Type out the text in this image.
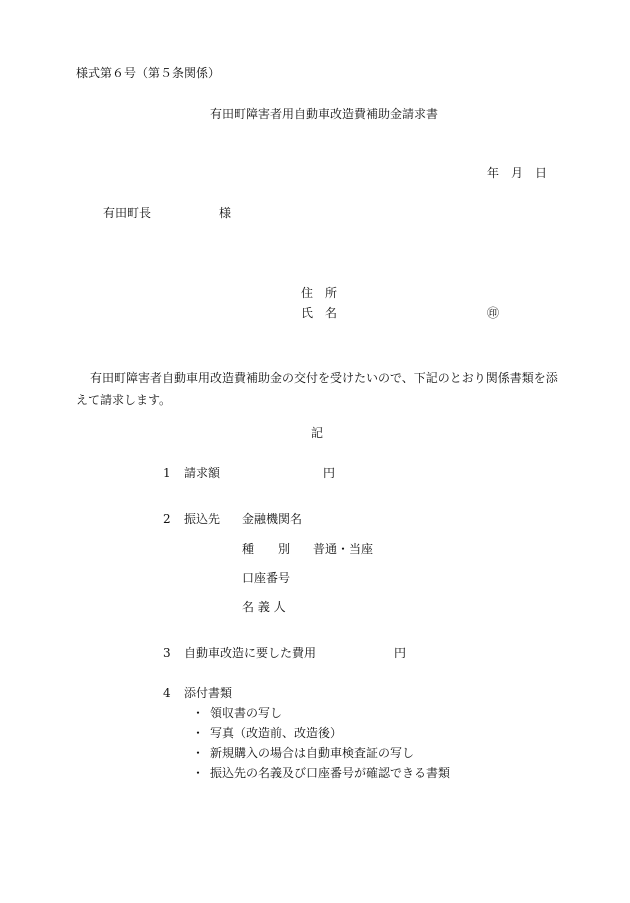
様式第６号（第５条関係）
有田町障害者用自動車改造費補助金請求書
年 月 日
有田町長	様
住　所
氏　名	㊞
有田町障害者自動車用改造費補助金の交付を受けたいので、下記のとおり関係書類を添えて請求します。
記
1 請求額	円
2 振込先 金融機関名
種　　別 普通・当座
口座番号
名 義 人
3 自動車改造に要した費用	円
4 添付書類
・ 領収書の写し
・ 写真（改造前、改造後）
・ 新規購入の場合は自動車検査証の写し
・ 振込先の名義及び口座番号が確認できる書類
